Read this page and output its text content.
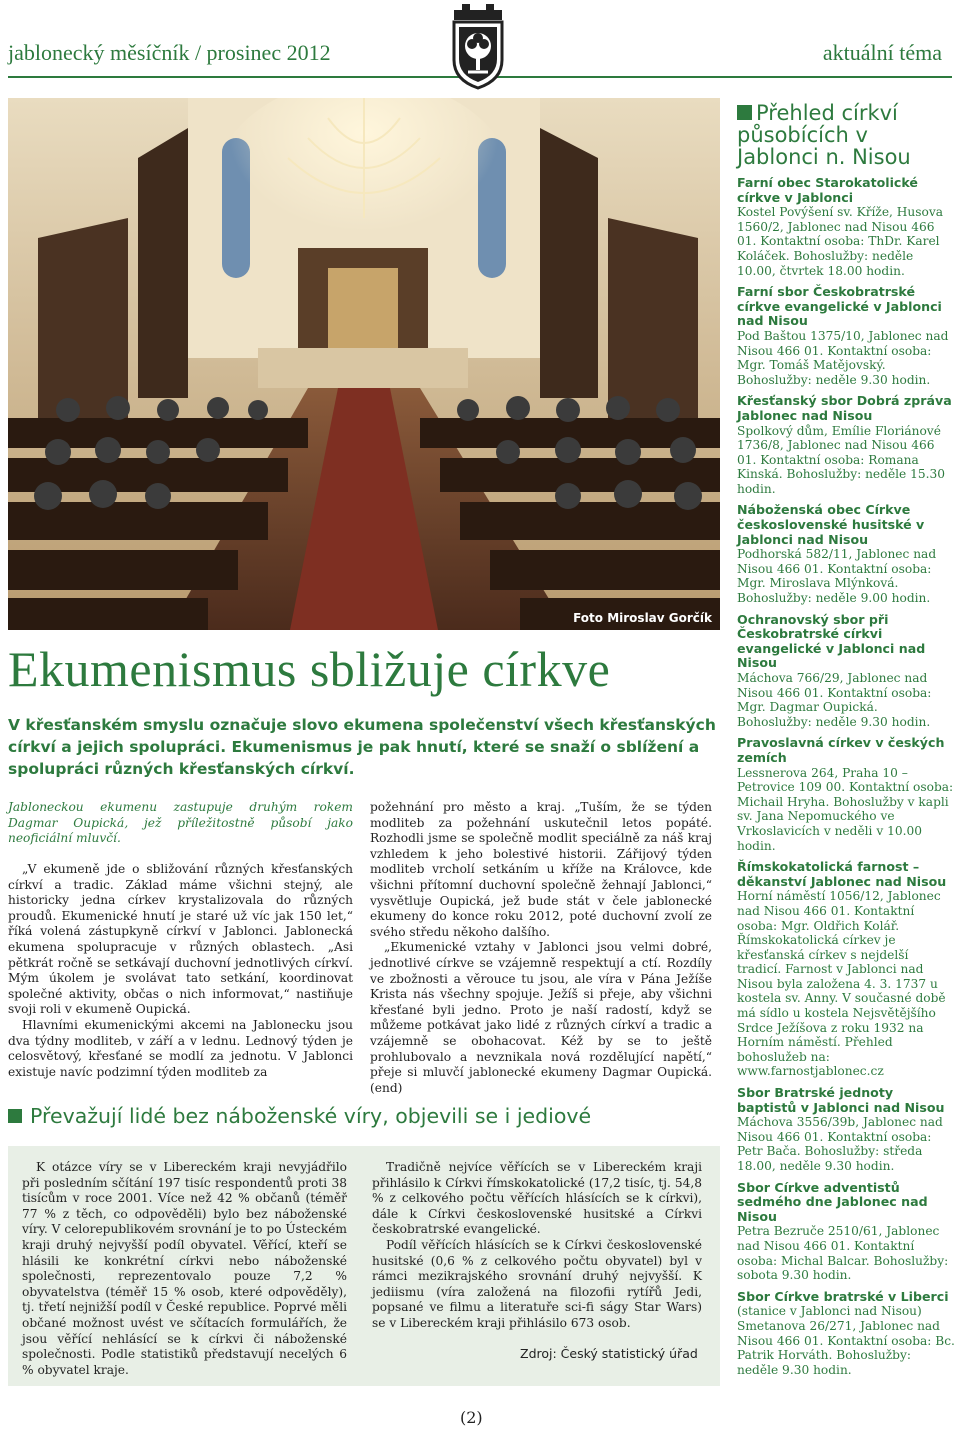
jablonecký měsíčník / prosinec 2012	aktuální téma
Foto Miroslav Gorčík
Ekumenismus sbližuje církve
V křesťanském smyslu označuje slovo ekumena společenství všech křesťanských církví a jejich spolupráci. Ekumenismus je pak hnutí, které se snaží o sblížení a spolupráci různých křesťanských církví.
Jabloneckou ekumenu zastupuje druhým rokem Dagmar Oupická, jež příležitostně působí jako neoficiální mluvčí.

„V ekumeně jde o sbližování různých křesťanských církví a tradic. Základ máme všichni stejný, ale historicky jedna církev krystalizovala do různých proudů. Ekumenické hnutí je staré už víc jak 150 let,“ říká volená zástupkyně církví v Jablonci. Jablonecká ekumena spolupracuje v různých oblastech. „Asi pětkrát ročně se setkávají duchovní jednotlivých církví. Mým úkolem je svolávat tato setkání, koordinovat společné aktivity, občas o nich informovat,“ nastiňuje svoji roli v ekumeně Oupická.

Hlavními ekumenickými akcemi na Jablonecku jsou dva týdny modliteb, v září a v lednu. Lednový týden je celosvětový, křesťané se modlí za jednotu. V Jablonci existuje navíc podzimní týden modliteb za

požehnání pro město a kraj. „Tuším, že se týden modliteb za požehnání uskutečnil letos popáté. Rozhodli jsme se společně modlit speciálně za náš kraj vzhledem k jeho bolestivé historii. Zářijový týden modliteb vrcholí setkáním u kříže na Královce, kde všichni přítomní duchovní společně žehnají Jablonci,“ vysvětluje Oupická, jež bude stát v čele jablonecké ekumeny do konce roku 2012, poté duchovní zvolí ze svého středu někoho dalšího.

„Ekumenické vztahy v Jablonci jsou velmi dobré, jednotlivé církve se vzájemně respektují a ctí. Rozdíly ve zbožnosti a věrouce tu jsou, ale víra v Pána Ježíše Krista nás všechny spojuje. Ježíš si přeje, aby všichni křesťané byli jedno. Proto je naší radostí, když se můžeme potkávat jako lidé z různých církví a tradic a vzájemně se obohacovat. Kéž by se to ještě prohlubovalo a nevznikala nová rozdělující napětí,“ přeje si mluvčí jablonecké ekumeny Dagmar Oupická. (end)

Převažují lidé bez náboženské víry, objevili se i jediové

K otázce víry se v Libereckém kraji nevyjádřilo při posledním sčítání 197 tisíc respondentů proti 38 tisícům v roce 2001. Více než 42 % občanů (téměř 77 % z těch, co odpověděli) bylo bez náboženské víry. V celorepublikovém srovnání je to po Ústeckém kraji druhý nejvyšší podíl obyvatel. Věřící, kteří se hlásili ke konkrétní církvi nebo náboženské společnosti, reprezentovalo pouze 7,2 % obyvatelstva (téměř 15 % osob, které odpověděly), tj. třetí nejnižší podíl v České republice. Poprvé měli občané možnost uvést ve sčítacích formulářích, že jsou věřící nehlásící se k církvi či náboženské společnosti. Podle statistiků představují necelých 6 % obyvatel kraje.

Tradičně nejvíce věřících se v Libereckém kraji přihlásilo k Církvi římskokatolické (17,2 tisíc, tj. 54,8 % z celkového počtu věřících hlásících se k církvi), dále k Církvi československé husitské a Církvi českobratrské evangelické.

Podíl věřících hlásících se k Církvi československé husitské (0,6 % z celkového počtu obyvatel) byl v rámci mezikrajského srovnání druhý nejvyšší. K jediismu (víra založená na filozofii rytířů Jedi, popsané ve filmu a literatuře sci-fi ságy Star Wars) se v Libereckém kraji přihlásilo 673 osob.

Zdroj: Český statistický úřad
(2)
Přehled církví působících v Jablonci n. Nisou
Farní obec Starokatolické církve v Jablonci
Kostel Povýšení sv. Kříže, Husova 1560/2, Jablonec nad Nisou 466 01. Kontaktní osoba: ThDr. Karel Koláček. Bohoslužby: neděle 10.00, čtvrtek 18.00 hodin.
Farní sbor Českobratrské církve evangelické v Jablonci nad Nisou
Pod Baštou 1375/10, Jablonec nad Nisou 466 01. Kontaktní osoba: Mgr. Tomáš Matějovský. Bohoslužby: neděle 9.30 hodin.
Křesťanský sbor Dobrá zpráva Jablonec nad Nisou
Spolkový dům, Emílie Floriánové 1736/8, Jablonec nad Nisou 466 01. Kontaktní osoba: Romana Kinská. Bohoslužby: neděle 15.30 hodin.
Náboženská obec Církve československé husitské v Jablonci nad Nisou
Podhorská 582/11, Jablonec nad Nisou 466 01. Kontaktní osoba: Mgr. Miroslava Mlýnková. Bohoslužby: neděle 9.00 hodin.
Ochranovský sbor při Českobratrské církvi evangelické v Jablonci nad Nisou
Máchova 766/29, Jablonec nad Nisou 466 01. Kontaktní osoba: Mgr. Dagmar Oupická. Bohoslužby: neděle 9.30 hodin.
Pravoslavná církev v českých zemích
Lessnerova 264, Praha 10 – Petrovice 109 00. Kontaktní osoba: Michail Hryha. Bohoslužby v kapli sv. Jana Nepomuckého ve Vrkoslavicích v neděli v 10.00 hodin.
Římskokatolická farnost – děkanství Jablonec nad Nisou
Horní náměstí 1056/12, Jablonec nad Nisou 466 01. Kontaktní osoba: Mgr. Oldřich Kolář. Římskokatolická církev je křesťanská církev s nejdelší tradicí. Farnost v Jablonci nad Nisou byla založena 4. 3. 1737 u kostela sv. Anny. V současné době má sídlo u kostela Nejsvětějšího Srdce Ježíšova z roku 1932 na Horním náměstí. Přehled bohoslužeb na: www.farnostjablonec.cz
Sbor Bratrské jednoty baptistů v Jablonci nad Nisou
Máchova 3556/39b, Jablonec nad Nisou 466 01. Kontaktní osoba: Petr Bača. Bohoslužby: středa 18.00, neděle 9.30 hodin.
Sbor Církve adventistů sedmého dne Jablonec nad Nisou
Petra Bezruče 2510/61, Jablonec nad Nisou 466 01. Kontaktní osoba: Michal Balcar. Bohoslužby: sobota 9.30 hodin.
Sbor Církve bratrské v Liberci
(stanice v Jablonci nad Nisou) Smetanova 26/271, Jablonec nad Nisou 466 01. Kontaktní osoba: Bc. Patrik Horváth. Bohoslužby: neděle 9.30 hodin.
